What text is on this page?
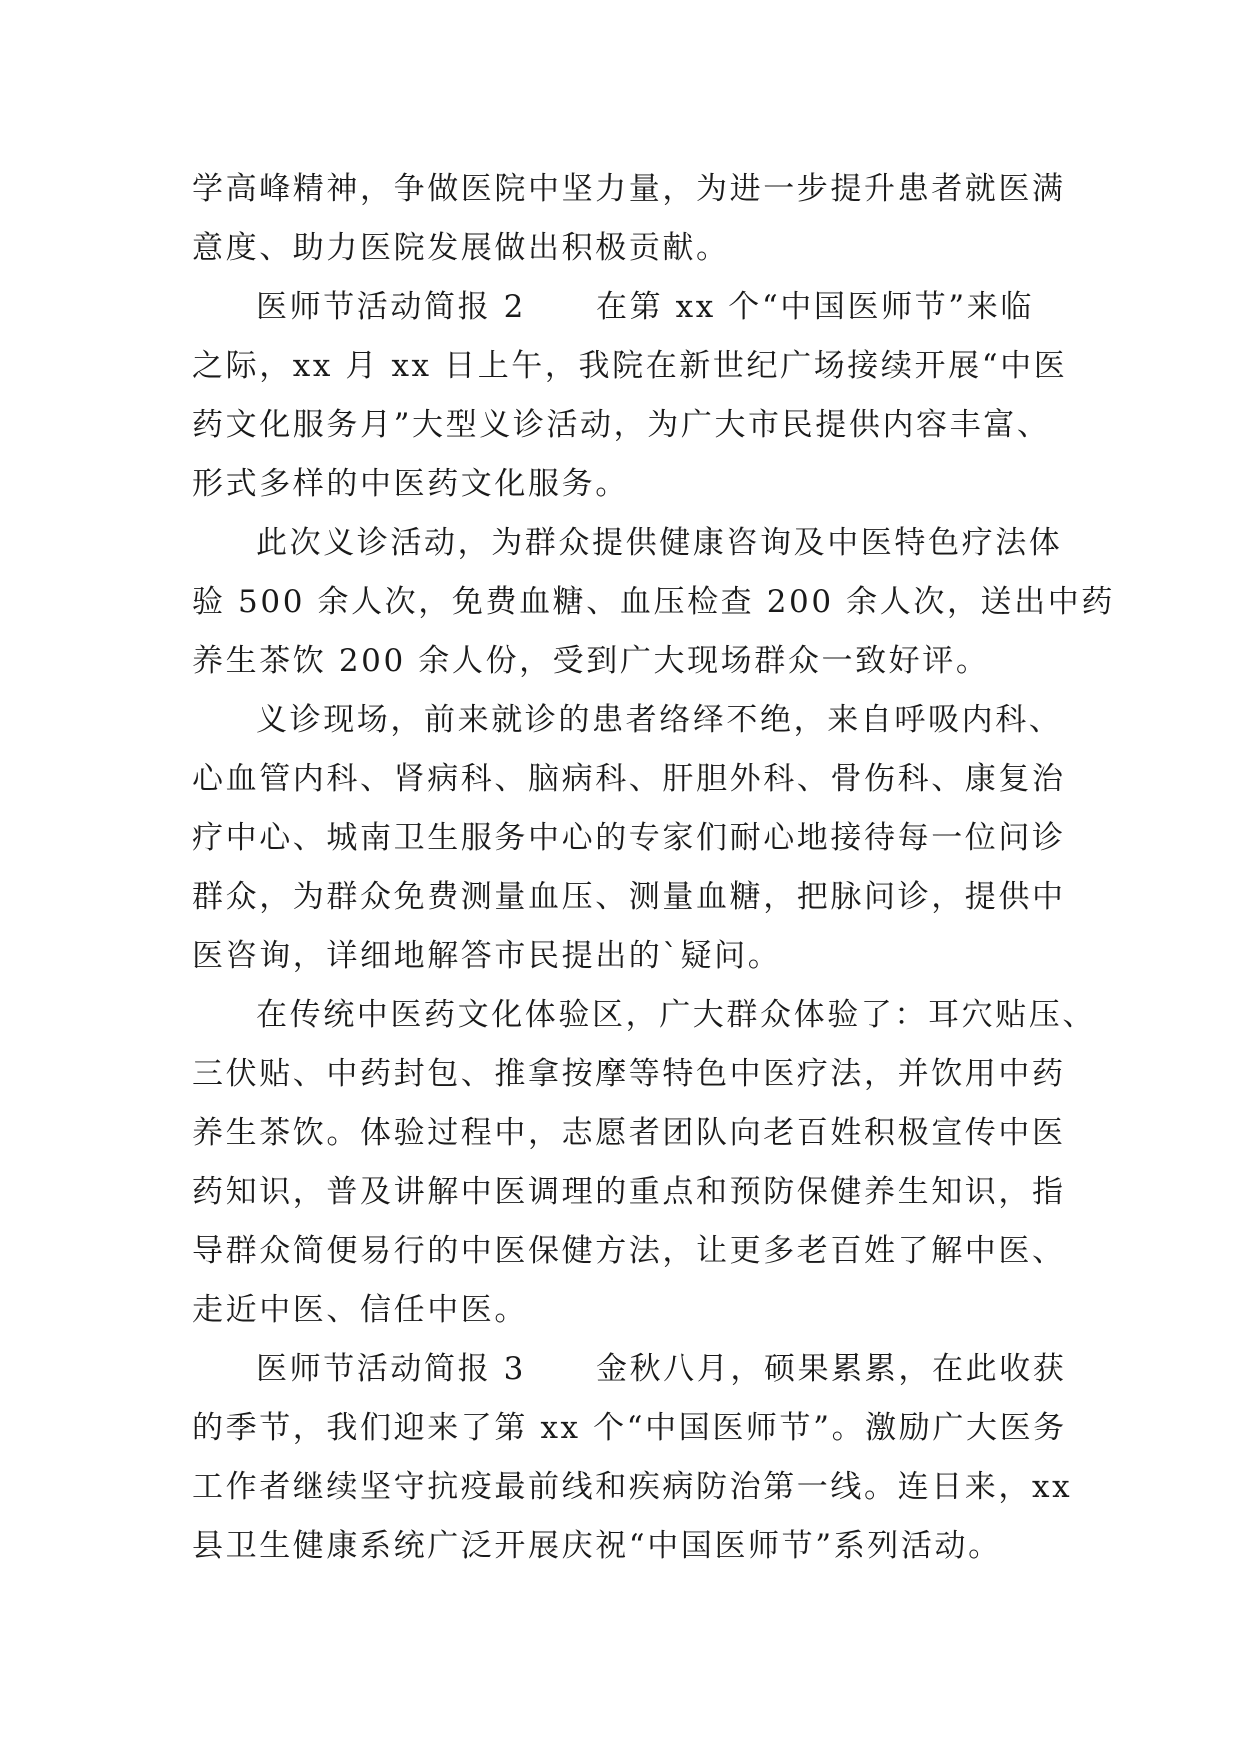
学高峰精神，争做医院中坚力量，为进一步提升患者就医满
意度、助力医院发展做出积极贡献。
医师节活动简报 2 在第 xx 个“中国医师节”来临
之际，xx 月 xx 日上午，我院在新世纪广场接续开展“中医
药文化服务月”大型义诊活动，为广大市民提供内容丰富、
形式多样的中医药文化服务。
此次义诊活动，为群众提供健康咨询及中医特色疗法体
验 500 余人次，免费血糖、血压检查 200 余人次，送出中药
养生茶饮 200 余人份，受到广大现场群众一致好评。
义诊现场，前来就诊的患者络绎不绝，来自呼吸内科、
心血管内科、肾病科、脑病科、肝胆外科、骨伤科、康复治
疗中心、城南卫生服务中心的专家们耐心地接待每一位问诊
群众，为群众免费测量血压、测量血糖，把脉问诊，提供中
医咨询，详细地解答市民提出的`疑问。
在传统中医药文化体验区，广大群众体验了：耳穴贴压、
三伏贴、中药封包、推拿按摩等特色中医疗法，并饮用中药
养生茶饮。体验过程中，志愿者团队向老百姓积极宣传中医
药知识，普及讲解中医调理的重点和预防保健养生知识，指
导群众简便易行的中医保健方法，让更多老百姓了解中医、
走近中医、信任中医。
医师节活动简报 3 金秋八月，硕果累累，在此收获
的季节，我们迎来了第 xx 个“中国医师节”。激励广大医务
工作者继续坚守抗疫最前线和疾病防治第一线。连日来，xx
县卫生健康系统广泛开展庆祝“中国医师节”系列活动。
